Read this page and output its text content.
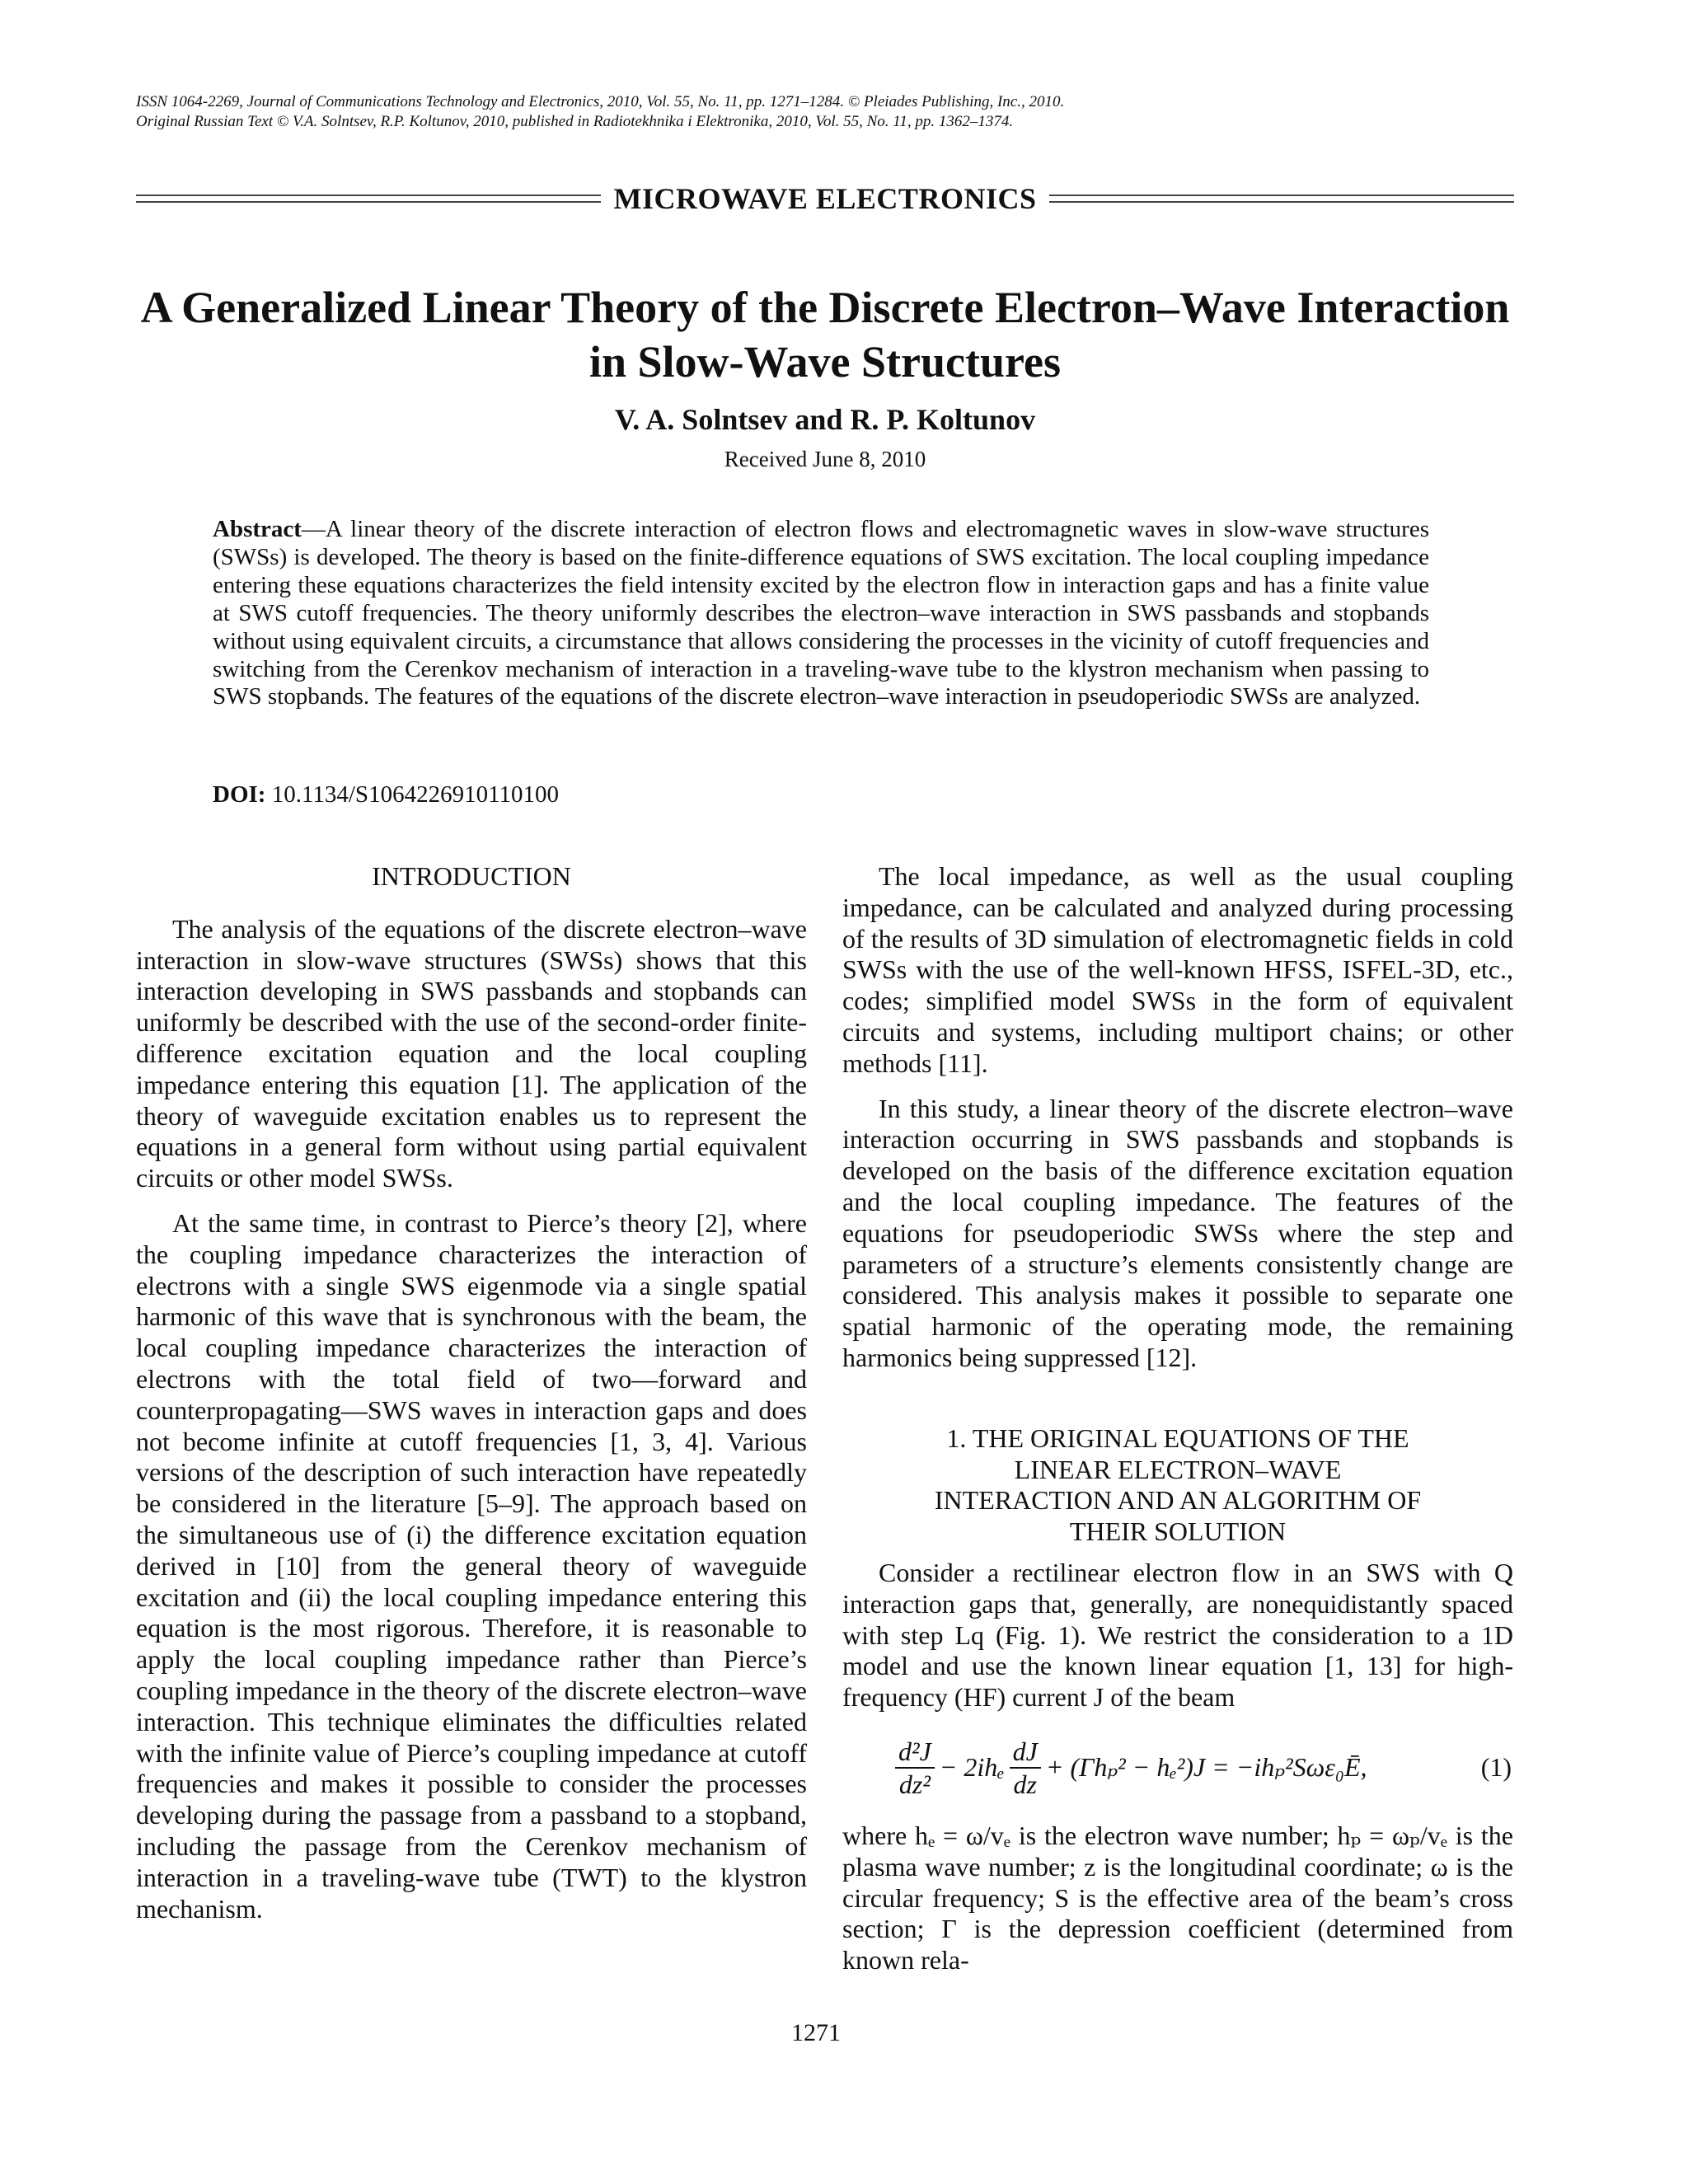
ISSN 1064-2269, Journal of Communications Technology and Electronics, 2010, Vol. 55, No. 11, pp. 1271–1284. © Pleiades Publishing, Inc., 2010.
Original Russian Text © V.A. Solntsev, R.P. Koltunov, 2010, published in Radiotekhnika i Elektronika, 2010, Vol. 55, No. 11, pp. 1362–1374.
MICROWAVE ELECTRONICS
A Generalized Linear Theory of the Discrete Electron–Wave Interaction in Slow-Wave Structures
V. A. Solntsev and R. P. Koltunov
Received June 8, 2010
Abstract—A linear theory of the discrete interaction of electron flows and electromagnetic waves in slow-wave structures (SWSs) is developed. The theory is based on the finite-difference equations of SWS excitation. The local coupling impedance entering these equations characterizes the field intensity excited by the electron flow in interaction gaps and has a finite value at SWS cutoff frequencies. The theory uniformly describes the electron–wave interaction in SWS passbands and stopbands without using equivalent circuits, a circumstance that allows considering the processes in the vicinity of cutoff frequencies and switching from the Cerenkov mechanism of interaction in a traveling-wave tube to the klystron mechanism when passing to SWS stopbands. The features of the equations of the discrete electron–wave interaction in pseudoperiodic SWSs are analyzed.
DOI: 10.1134/S1064226910110100
INTRODUCTION

The analysis of the equations of the discrete electron–wave interaction in slow-wave structures (SWSs) shows that this interaction developing in SWS passbands and stopbands can uniformly be described with the use of the second-order finite-difference excitation equation and the local coupling impedance entering this equation [1]. The application of the theory of waveguide excitation enables us to represent the equations in a general form without using partial equivalent circuits or other model SWSs.

At the same time, in contrast to Pierce’s theory [2], where the coupling impedance characterizes the interaction of electrons with a single SWS eigenmode via a single spatial harmonic of this wave that is synchronous with the beam, the local coupling impedance characterizes the interaction of electrons with the total field of two—forward and counterpropagating—SWS waves in interaction gaps and does not become infinite at cutoff frequencies [1, 3, 4]. Various versions of the description of such interaction have repeatedly be considered in the literature [5–9]. The approach based on the simultaneous use of (i) the difference excitation equation derived in [10] from the general theory of waveguide excitation and (ii) the local coupling impedance entering this equation is the most rigorous. Therefore, it is reasonable to apply the local coupling impedance rather than Pierce’s coupling impedance in the theory of the discrete electron–wave interaction. This technique eliminates the difficulties related with the infinite value of Pierce’s coupling impedance at cutoff frequencies and makes it possible to consider the processes developing during the passage from a passband to a stopband, including the passage from the Cerenkov mechanism of interaction in a traveling-wave tube (TWT) to the klystron mechanism.

The local impedance, as well as the usual coupling impedance, can be calculated and analyzed during processing of the results of 3D simulation of electromagnetic fields in cold SWSs with the use of the well-known HFSS, ISFEL-3D, etc., codes; simplified model SWSs in the form of equivalent circuits and systems, including multiport chains; or other methods [11].

In this study, a linear theory of the discrete electron–wave interaction occurring in SWS passbands and stopbands is developed on the basis of the difference excitation equation and the local coupling impedance. The features of the equations for pseudoperiodic SWSs where the step and parameters of a structure’s elements consistently change are considered. This analysis makes it possible to separate one spatial harmonic of the operating mode, the remaining harmonics being suppressed [12].

1. THE ORIGINAL EQUATIONS OF THE LINEAR ELECTRON–WAVE INTERACTION AND AN ALGORITHM OF THEIR SOLUTION

Consider a rectilinear electron flow in an SWS with Q interaction gaps that, generally, are nonequidistantly spaced with step Lq (Fig. 1). We restrict the consideration to a 1D model and use the known linear equation [1, 13] for high-frequency (HF) current J of the beam

$\frac{\text{d²J}}{\text{dz²}} - 2ih_e \frac{dJ}{dz} + (\Gamma h_p^2 - h_e^2)J$ = −ihₚ²Sωε₀Ē,	(1)

where hₑ = ω/vₑ is the electron wave number; hₚ = ωₚ/vₑ is the plasma wave number; z is the longitudinal coordinate; ω is the circular frequency; S is the effective area of the beam’s cross section; Γ is the depression coefficient (determined from known rela-

1271
